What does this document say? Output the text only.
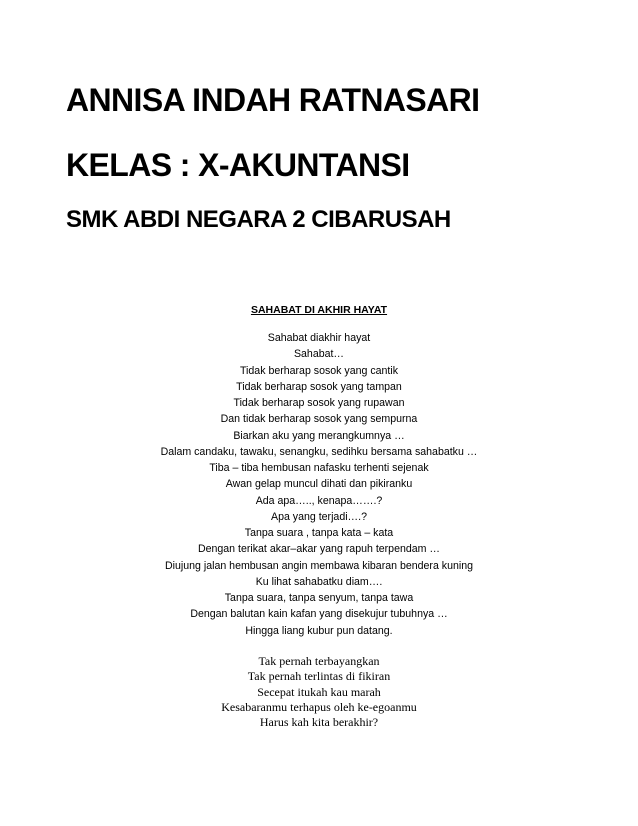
ANNISA INDAH RATNASARI
KELAS : X-AKUNTANSI
SMK ABDI NEGARA 2 CIBARUSAH

SAHABAT DI AKHIR HAYAT

Sahabat diakhir hayat
Sahabat…
Tidak berharap sosok yang cantik
Tidak berharap sosok yang tampan
Tidak berharap sosok yang rupawan
Dan tidak berharap sosok yang sempurna
Biarkan aku yang merangkumnya …
Dalam candaku, tawaku, senangku, sedihku bersama sahabatku …
Tiba – tiba hembusan nafasku terhenti sejenak
Awan gelap muncul dihati dan pikiranku
Ada apa….., kenapa…….?
Apa yang terjadi….?
Tanpa suara , tanpa kata – kata
Dengan terikat akar–akar yang rapuh terpendam …
Diujung jalan hembusan angin membawa kibaran bendera kuning
Ku lihat sahabatku diam….
Tanpa suara, tanpa senyum, tanpa tawa
Dengan balutan kain kafan yang disekujur tubuhnya …
Hingga liang kubur pun datang.
Tak pernah terbayangkan
Tak pernah terlintas di fikiran
Secepat itukah kau marah
Kesabaranmu terhapus oleh ke-egoanmu
Harus kah kita berakhir?
